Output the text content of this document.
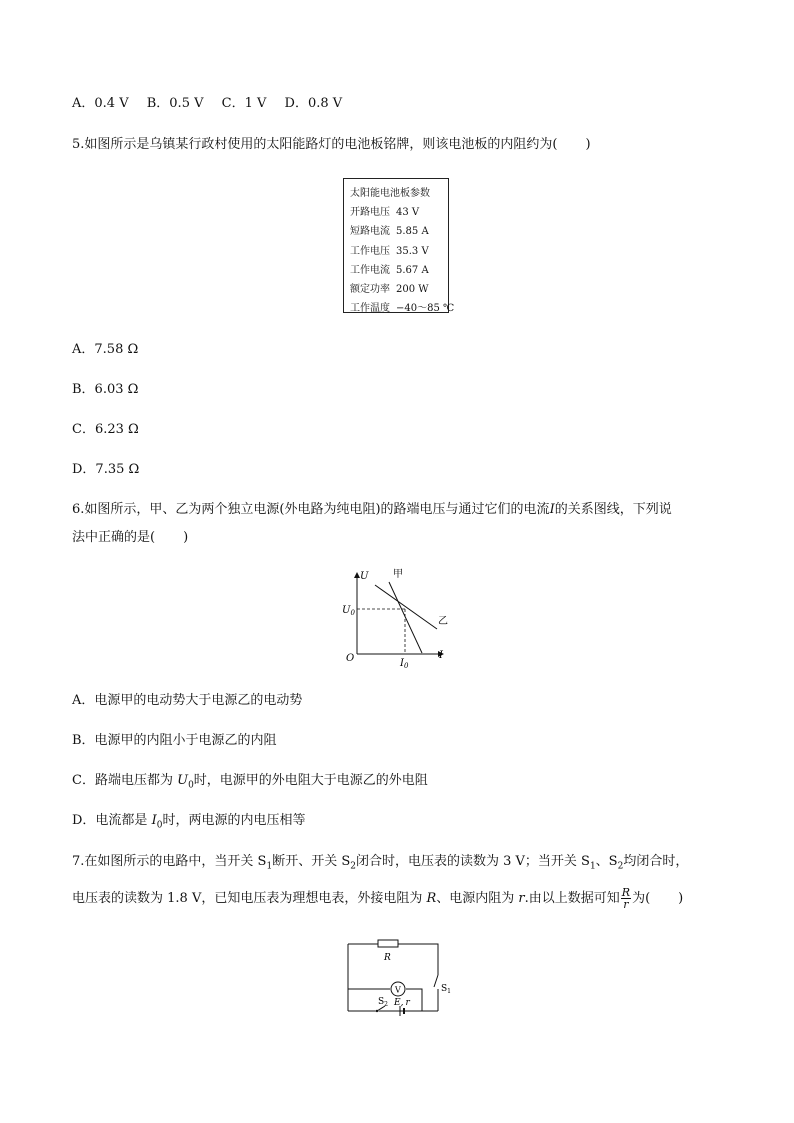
A．0.4 V B．0.5 V C．1 V D．0.8 V
5.如图所示是乌镇某行政村使用的太阳能路灯的电池板铭牌，则该电池板的内阻约为( )
太阳能电池板参数
开路电压 43 V
短路电流 5.85 A
工作电压 35.3 V
工作电流 5.67 A
额定功率 200 W
工作温度 −40～85 ℃
A．7.58 Ω
B．6.03 Ω
C．6.23 Ω
D．7.35 Ω
6.如图所示，甲、乙为两个独立电源(外电路为纯电阻)的路端电压与通过它们的电流I的关系图线，下列说
法中正确的是( )
U
I
O
$U_0$
$I_0$
甲
乙
A．电源甲的电动势大于电源乙的电动势
B．电源甲的内阻小于电源乙的内阻
C．路端电压都为 $U_0$时，电源甲的外电阻大于电源乙的外电阻
D．电流都是 $I_0$时，两电源的内电压相等
7.在如图所示的电路中，当开关 $S_1$断开、开关 $S_2$闭合时，电压表的读数为 3 V；当开关 $S_1$、$S_2$均闭合时，
电压表的读数为 1.8 V，已知电压表为理想电表，外接电阻为 R、电源内阻为 r.由以上数据可知 $\frac{R}{r}$ 为( )
R
V	$S_1$
$S_2$ E, r
